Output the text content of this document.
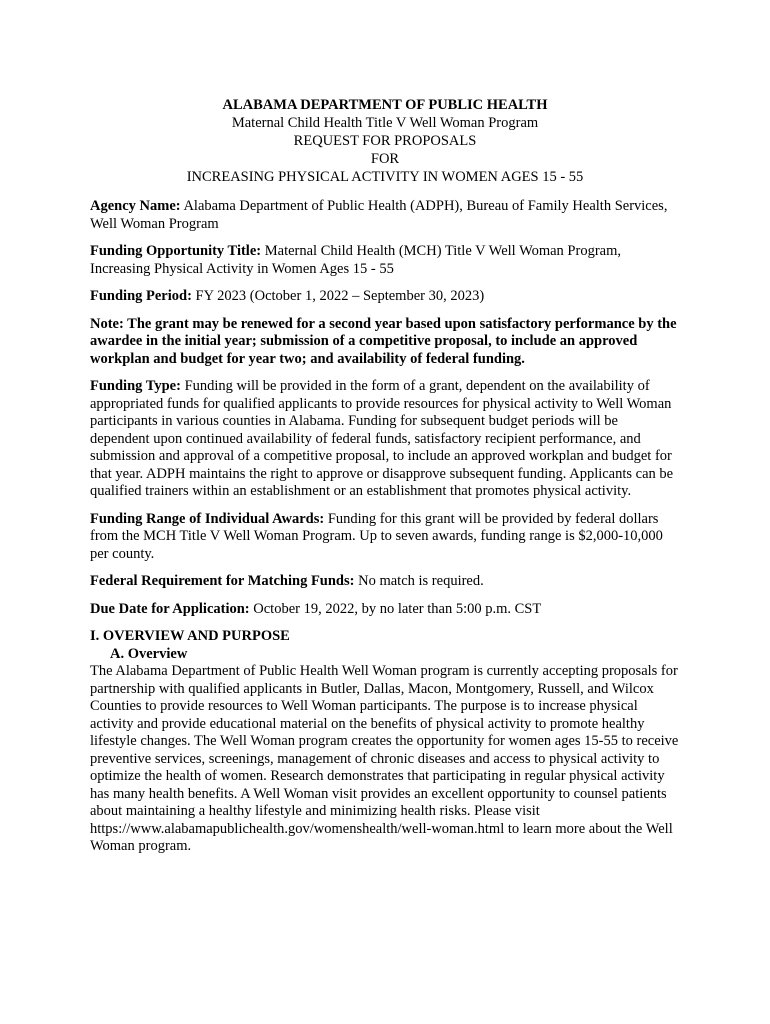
ALABAMA DEPARTMENT OF PUBLIC HEALTH
Maternal Child Health Title V Well Woman Program
REQUEST FOR PROPOSALS
FOR
INCREASING PHYSICAL ACTIVITY IN WOMEN AGES 15 - 55

Agency Name: Alabama Department of Public Health (ADPH), Bureau of Family Health Services, Well Woman Program

Funding Opportunity Title: Maternal Child Health (MCH) Title V Well Woman Program, Increasing Physical Activity in Women Ages 15 - 55

Funding Period: FY 2023 (October 1, 2022 – September 30, 2023)

Note: The grant may be renewed for a second year based upon satisfactory performance by the awardee in the initial year; submission of a competitive proposal, to include an approved workplan and budget for year two; and availability of federal funding.

Funding Type: Funding will be provided in the form of a grant, dependent on the availability of appropriated funds for qualified applicants to provide resources for physical activity to Well Woman participants in various counties in Alabama. Funding for subsequent budget periods will be dependent upon continued availability of federal funds, satisfactory recipient performance, and submission and approval of a competitive proposal, to include an approved workplan and budget for that year. ADPH maintains the right to approve or disapprove subsequent funding. Applicants can be qualified trainers within an establishment or an establishment that promotes physical activity.

Funding Range of Individual Awards: Funding for this grant will be provided by federal dollars from the MCH Title V Well Woman Program. Up to seven awards, funding range is $2,000-10,000 per county.

Federal Requirement for Matching Funds: No match is required.

Due Date for Application: October 19, 2022, by no later than 5:00 p.m. CST

I. OVERVIEW AND PURPOSE
A. Overview

The Alabama Department of Public Health Well Woman program is currently accepting proposals for partnership with qualified applicants in Butler, Dallas, Macon, Montgomery, Russell, and Wilcox Counties to provide resources to Well Woman participants. The purpose is to increase physical activity and provide educational material on the benefits of physical activity to promote healthy lifestyle changes. The Well Woman program creates the opportunity for women ages 15-55 to receive preventive services, screenings, management of chronic diseases and access to physical activity to optimize the health of women. Research demonstrates that participating in regular physical activity has many health benefits. A Well Woman visit provides an excellent opportunity to counsel patients about maintaining a healthy lifestyle and minimizing health risks. Please visit https://www.alabamapublichealth.gov/womenshealth/well-woman.html to learn more about the Well Woman program.
